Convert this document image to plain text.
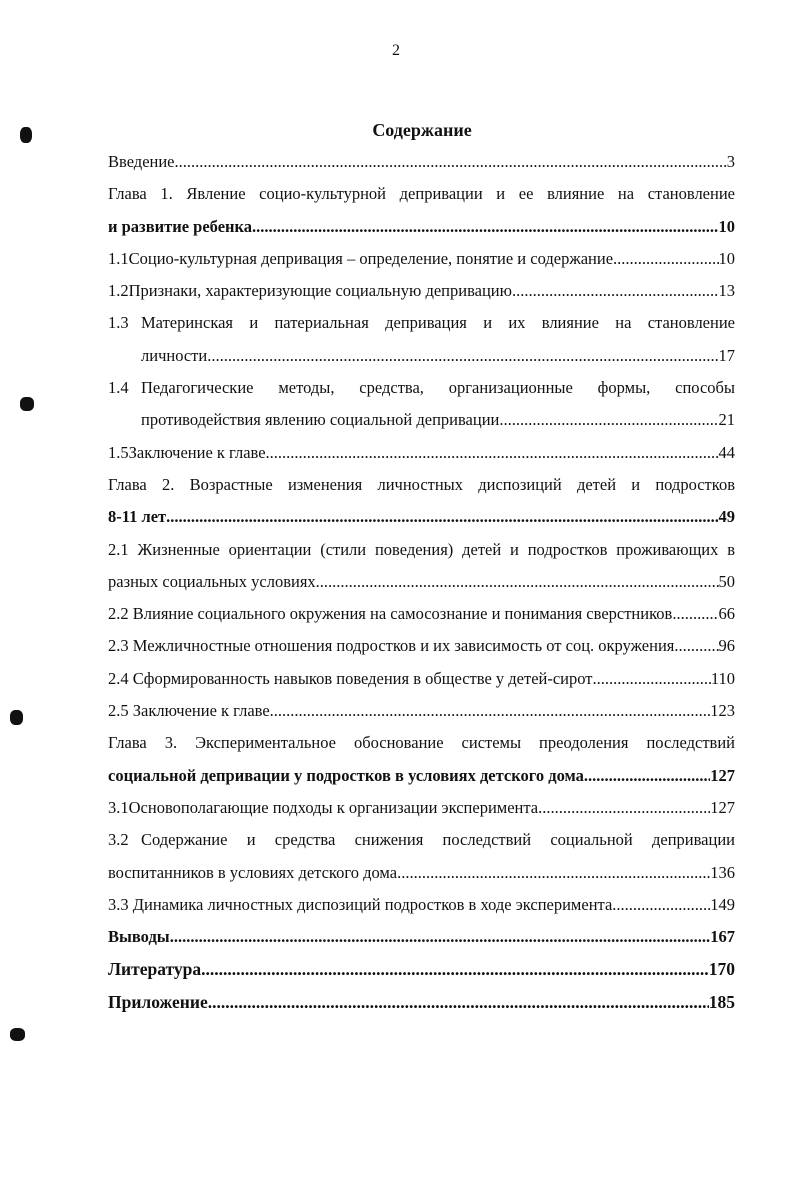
2
Содержание
Введение .....	3
Глава 1. Явление социо-культурной депривации и ее влияние на становление
и развитие ребенка .....	10
1.1 Социо-культурная депривация – определение, понятие и содержание .....	10
1.2 Признаки, характеризующие социальную депривацию .....	13
1.3 Материнская и патериальная депривация и их влияние на становление
личности .....	17
1.4 Педагогические методы, средства, организационные формы, способы
противодействия явлению социальной депривации .....	21
1.5 Заключение к главе .....	44
Глава 2. Возрастные изменения личностных диспозиций детей и подростков
8-11 лет .....	49
2.1 Жизненные ориентации (стили поведения) детей и подростков проживающих в
разных социальных условиях .....	50
2.2 Влияние социального окружения на самосознание и понимания сверстников .....	66
2.3 Межличностные отношения подростков и их зависимость от соц. окружения .....	96
2.4 Сформированность навыков поведения в обществе у детей-сирот .....	110
2.5 Заключение к главе .....	123
Глава 3. Экспериментальное обоснование системы преодоления последствий
социальной депривации у подростков в условиях детского дома .....	127
3.1 Основополагающие подходы к организации эксперимента .....	127
3.2 Содержание и средства снижения последствий социальной депривации
воспитанников в условиях детского дома .....	136
3.3 Динамика личностных диспозиций подростков в ходе эксперимента .....	149
Выводы .....	167
Литература .....	170
Приложение .....	185
